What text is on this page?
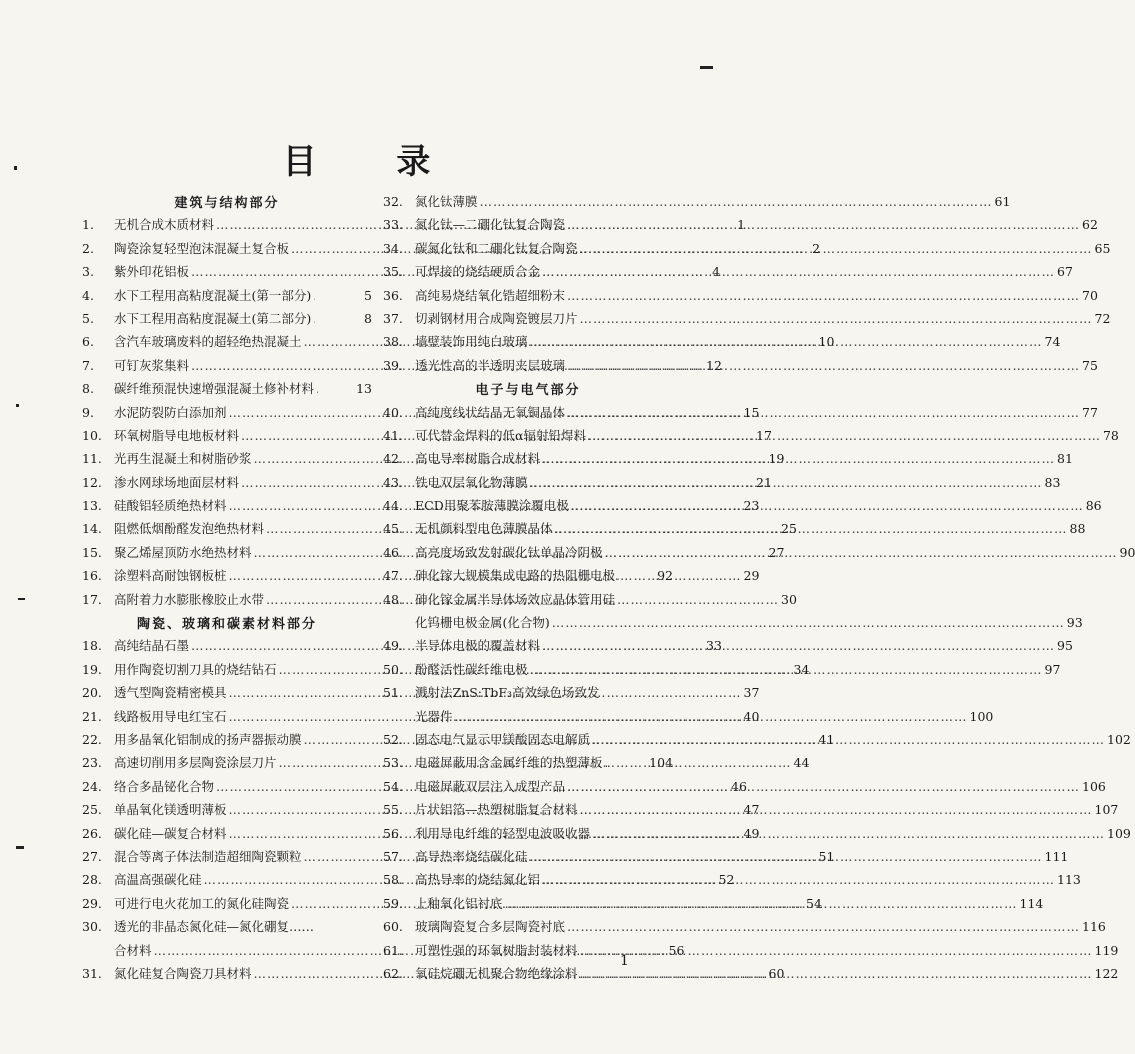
目 录
建筑与结构部分
1.	无机合成木质材料 ……………………………………………………………………………………………………	1
2.	陶瓷涂复轻型泡沫混凝土复合板 ……………………………………………………………………………………………………	2
3.	紫外印花铝板 ……………………………………………………………………………………………………	4
4.	水下工程用高粘度混凝土(第一部分) ……………………………………………………………………………………………………	5
5.	水下工程用高粘度混凝土(第二部分) ……………………………………………………………………………………………………	8
6.	含汽车玻璃废料的超轻绝热混凝土 ……………………………………………………………………………………………………	10
7.	可钉灰浆集料 ……………………………………………………………………………………………………	12
8.	碳纤维预混快速增强混凝土修补材料 ……………………………………………………………………………………………………	13
9.	水泥防裂防白添加剂 ……………………………………………………………………………………………………	15
10. 环氧树脂导电地板材料 ……………………………………………………………………………………………………	17
11. 光再生混凝土和树脂砂浆 ……………………………………………………………………………………………………	19
12. 渗水网球场地面层材料 ……………………………………………………………………………………………………	21
13. 硅酸铝轻质绝热材料 ……………………………………………………………………………………………………	23
14. 阻燃低烟酚醛发泡绝热材料 ……………………………………………………………………………………………………	25
15. 聚乙烯屋顶防水绝热材料 ……………………………………………………………………………………………………	27
16. 涂塑料高耐蚀钢板桩 ……………………………………………………………………………………………………	29
17. 高附着力水膨胀橡胶止水带 ……………………………………………………………………………………………………	30
陶瓷、玻璃和碳素材料部分
18. 高纯结晶石墨 ……………………………………………………………………………………………………	33
19. 用作陶瓷切割刀具的烧结钻石 ……………………………………………………………………………………………………	34
20. 透气型陶瓷精密模具 ……………………………………………………………………………………………………	37
21. 线路板用导电红宝石 ……………………………………………………………………………………………………	40
22. 用多晶氧化铝制成的扬声器振动膜 ……………………………………………………………………………………………………	41
23. 高速切削用多层陶瓷涂层刀片 ……………………………………………………………………………………………………	44
24. 络合多晶铋化合物 ……………………………………………………………………………………………………	46
25. 单晶氧化镁透明薄板 ……………………………………………………………………………………………………	47
26. 碳化硅—碳复合材料 ……………………………………………………………………………………………………	49
27. 混合等离子体法制造超细陶瓷颗粒 ……………………………………………………………………………………………………	51
28. 高温高强碳化硅 ……………………………………………………………………………………………………	52
29. 可进行电火花加工的氮化硅陶瓷 ……………………………………………………………………………………………………	54
30. 透光的非晶态氮化硅—氮化硼复……
合材料 ……………………………………………………………………………………………………	56
31. 氮化硅复合陶瓷刀具材料 ……………………………………………………………………………………………………	60
32. 氮化钛薄膜 ……………………………………………………………………………………………………	61
33. 氮化钛—二硼化钛复合陶瓷 ……………………………………………………………………………………………………	62
34. 碳氮化钛和二硼化钛复合陶瓷 ……………………………………………………………………………………………………	65
35. 可焊接的烧结硬质合金 ……………………………………………………………………………………………………	67
36. 高纯易烧结氧化锆超细粉末 ……………………………………………………………………………………………………	70
37. 切剥钢材用合成陶瓷镀层刀片 ……………………………………………………………………………………………………	72
38. 墙壁装饰用纯白玻璃 ……………………………………………………………………………………………………	74
39. 透光性高的半透明夹层玻璃 ……………………………………………………………………………………………………	75
电子与电气部分
40. 高纯度线状结晶无氧铜晶体 ……………………………………………………………………………………………………	77
41. 可代替金焊料的低α辐射铅焊料 ……………………………………………………………………………………………………	78
42. 高电导率树脂合成材料 ……………………………………………………………………………………………………	81
43. 铁电双层氧化物薄膜 ……………………………………………………………………………………………………	83
44. ECD用聚苯胺薄膜涂覆电极 ……………………………………………………………………………………………………	86
45. 无机颜料型电色薄膜晶体 ……………………………………………………………………………………………………	88
46. 高亮度场致发射碳化钛单晶冷阴极 ……………………………………………………………………………………………………	90
47. 砷化镓大规模集成电路的热阻栅电极 ……………………………………………………………………………………………………	92
48. 砷化镓金属半导体场效应晶体管用硅
化钨栅电极金属(化合物) ……………………………………………………………………………………………………	93
49. 半导体电极的覆盖材料 ……………………………………………………………………………………………………	95
50. 酚醛活性碳纤维电极 ……………………………………………………………………………………………………	97
51. 溅射法ZnS:TbF₃高效绿色场致发
光器件 ……………………………………………………………………………………………………	100
52. 固态电气显示甲镁酸固态电解质 ……………………………………………………………………………………………………	102
53. 电磁屏蔽用含金属纤维的热塑薄板 ……………………………………………………………………………………………………	104
54. 电磁屏蔽双层注入成型产品 ……………………………………………………………………………………………………	106
55. 片状铝箔—热塑树脂复合材料 ……………………………………………………………………………………………………	107
56. 利用导电纤维的轻型电波吸收器 ……………………………………………………………………………………………………	109
57. 高导热率烧结碳化硅 ……………………………………………………………………………………………………	111
58. 高热导率的烧结氮化铝 ……………………………………………………………………………………………………	113
59. 上釉氧化铝衬底 ……………………………………………………………………………………………………	114
60. 玻璃陶瓷复合多层陶瓷衬底 ……………………………………………………………………………………………………	116
61. 可塑性强的环氧树脂封装材料 ……………………………………………………………………………………………………	119
62. 氧硅烷硼无机聚合物绝缘涂料 ……………………………………………………………………………………………………	122
1
